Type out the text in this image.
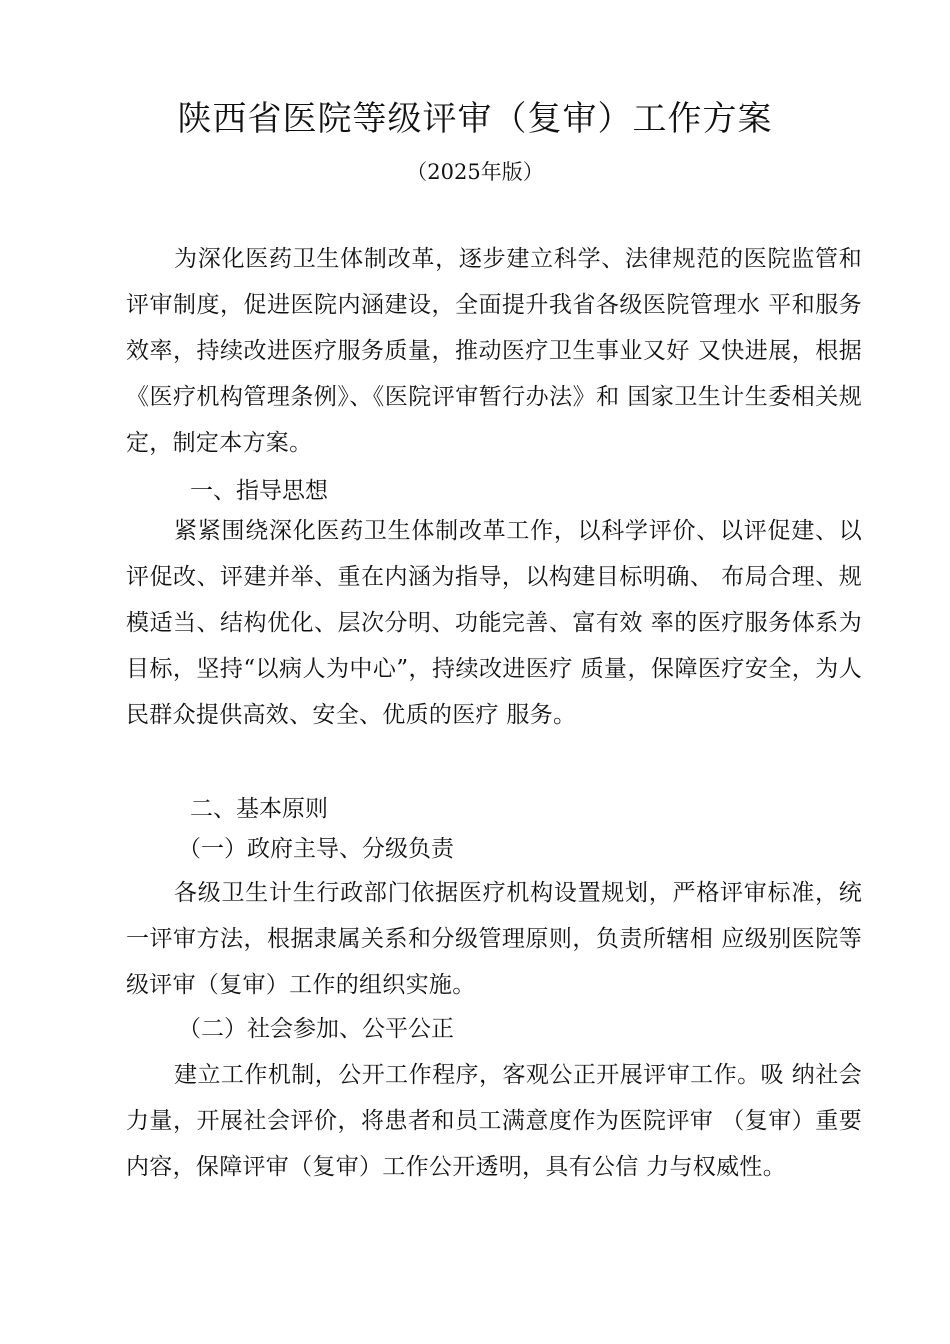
陕西省医院等级评审（复审）工作方案
（2025年版）

为深化医药卫生体制改革，逐步建立科学、法律规范的医院监管和评审制度，促进医院内涵建设，全面提升我省各级医院管理水 平和服务效率，持续改进医疗服务质量，推动医疗卫生事业又好 又快进展，根据《医疗机构管理条例》、《医院评审暂行办法》和 国家卫生计生委相关规定，制定本方案。

一、指导思想

紧紧围绕深化医药卫生体制改革工作，以科学评价、以评促建、以评促改、评建并举、重在内涵为指导，以构建目标明确、 布局合理、规模适当、结构优化、层次分明、功能完善、富有效 率的医疗服务体系为目标，坚持“以病人为中心”，持续改进医疗 质量，保障医疗安全，为人民群众提供高效、安全、优质的医疗 服务。

二、基本原则
（一）政府主导、分级负责

各级卫生计生行政部门依据医疗机构设置规划，严格评审标准，统一评审方法，根据隶属关系和分级管理原则，负责所辖相 应级别医院等级评审（复审）工作的组织实施。

（二）社会参加、公平公正

建立工作机制，公开工作程序，客观公正开展评审工作。吸 纳社会力量，开展社会评价，将患者和员工满意度作为医院评审 （复审）重要内容，保障评审（复审）工作公开透明，具有公信 力与权威性。
